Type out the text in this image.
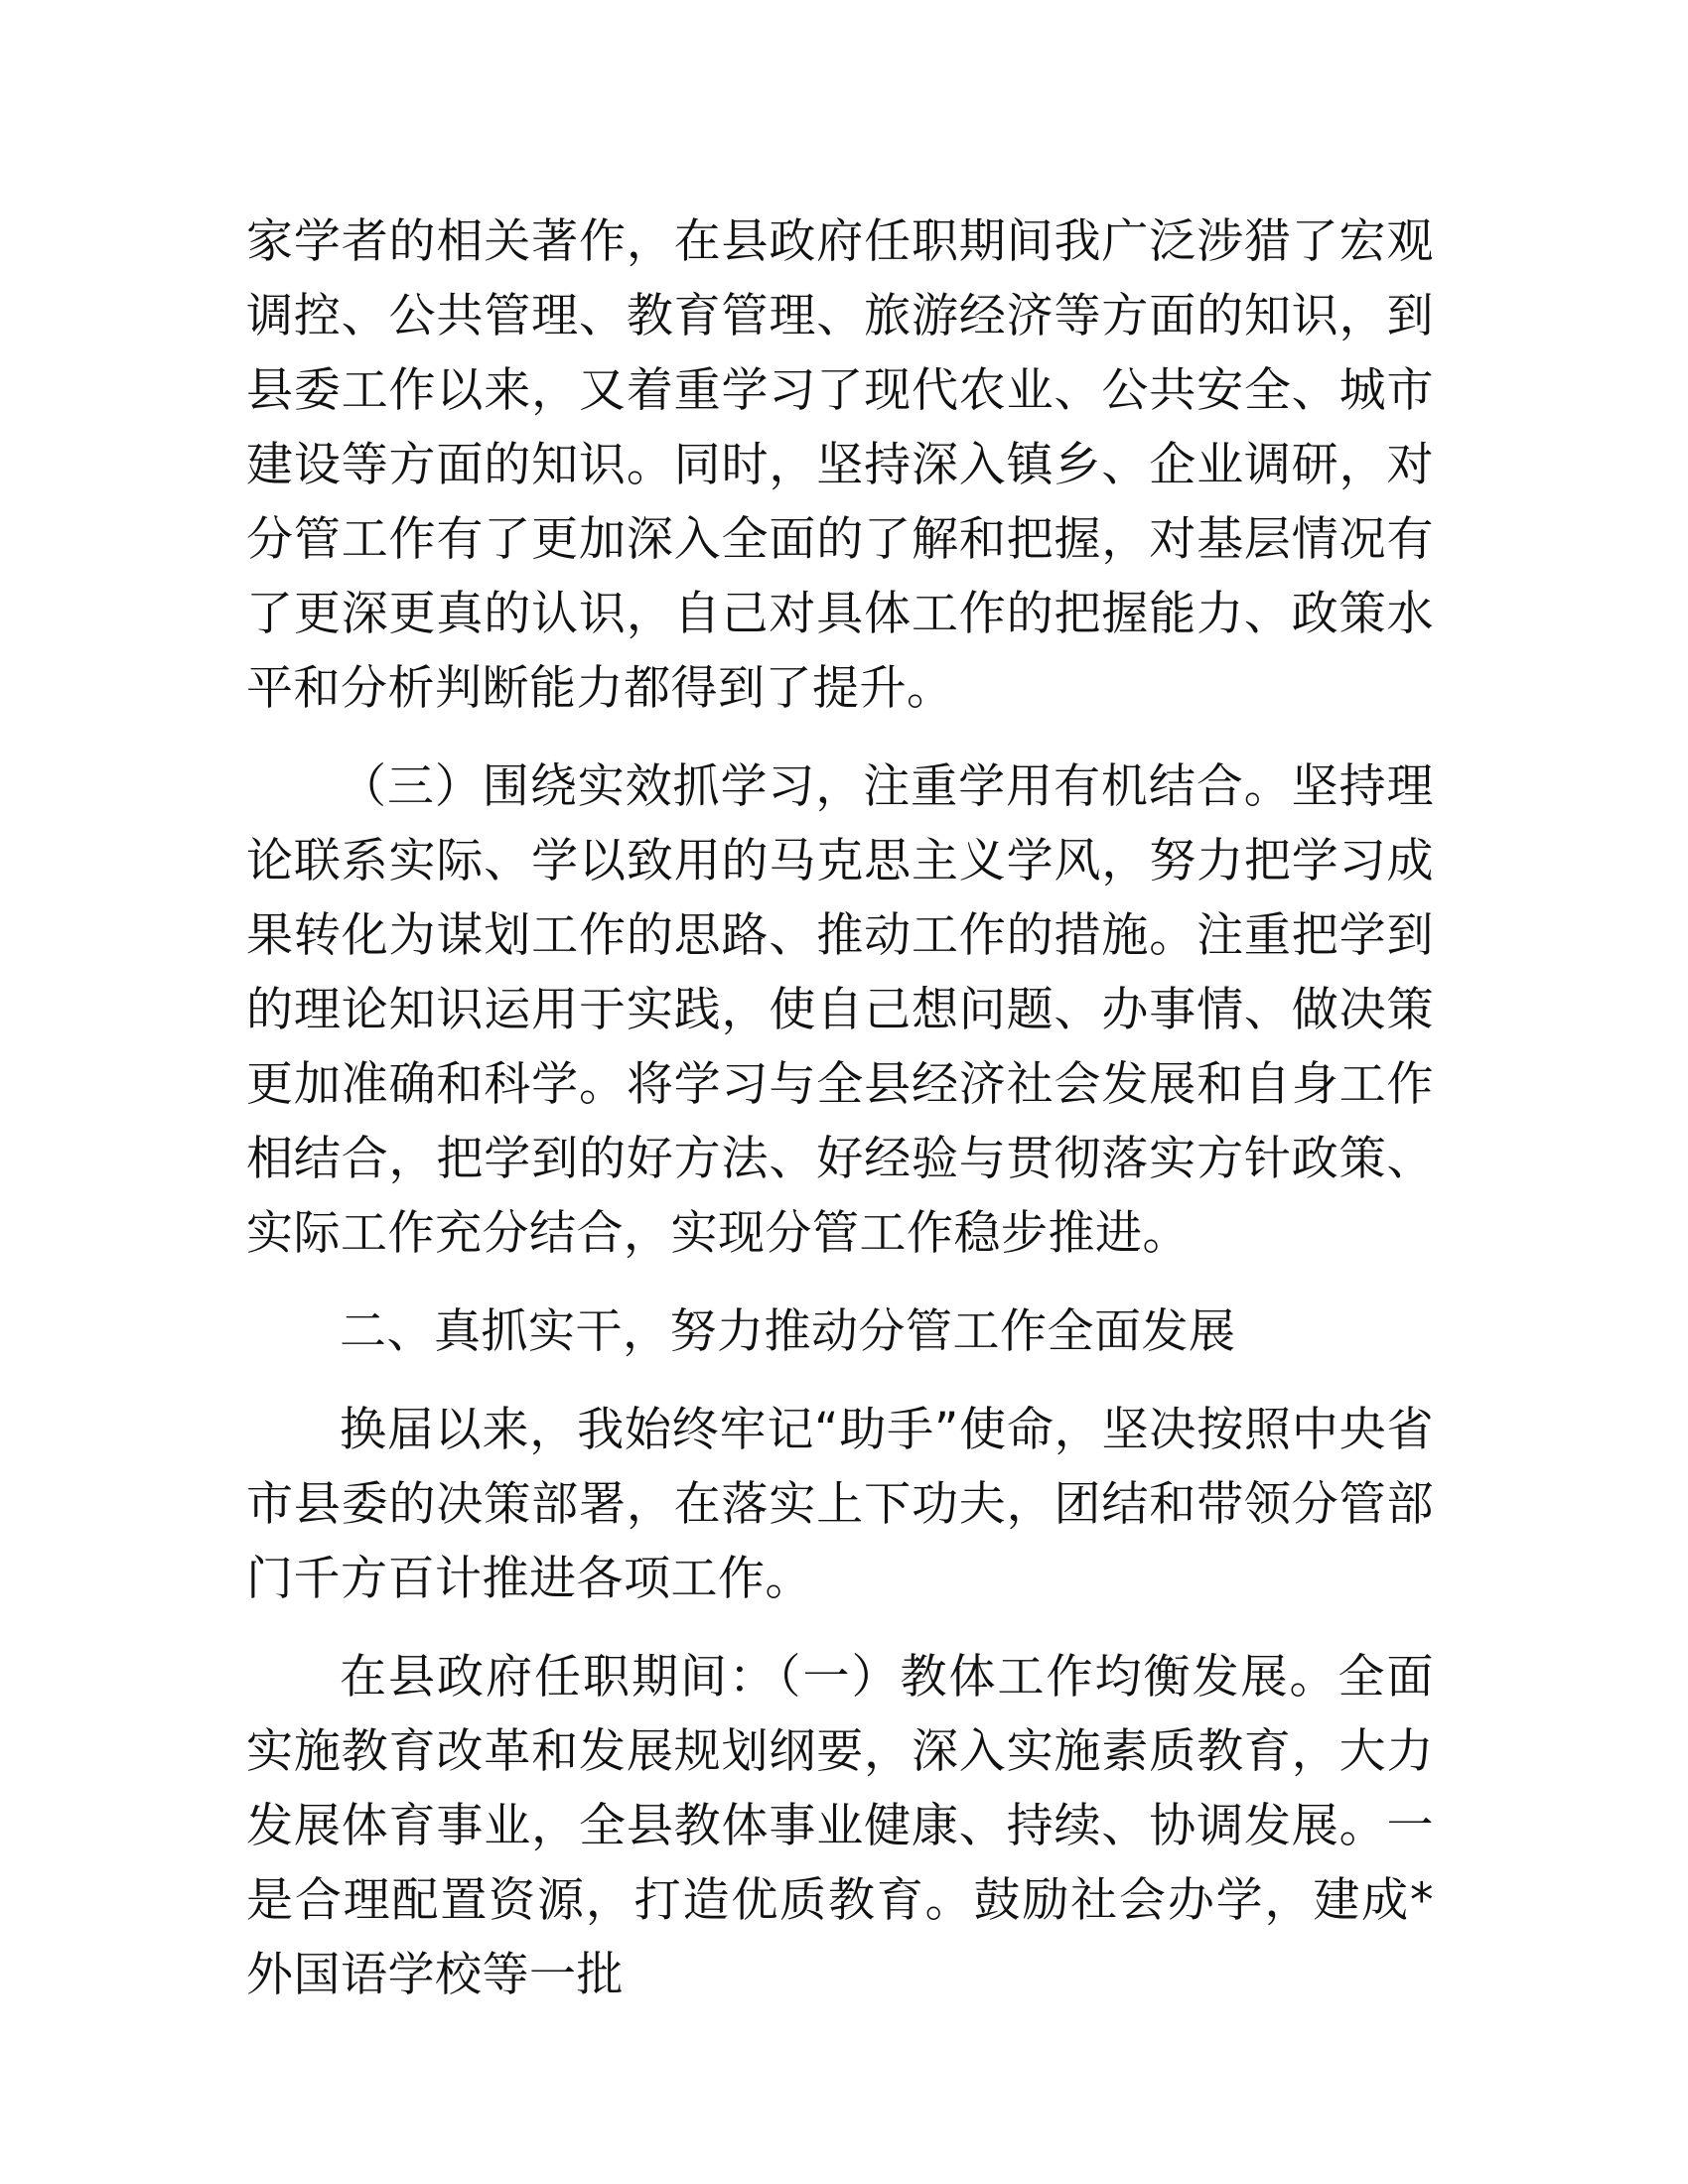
家学者的相关著作，在县政府任职期间我广泛涉猎了宏观调控、公共管理、教育管理、旅游经济等方面的知识，到县委工作以来，又着重学习了现代农业、公共安全、城市建设等方面的知识。同时，坚持深入镇乡、企业调研，对分管工作有了更加深入全面的了解和把握，对基层情况有了更深更真的认识，自己对具体工作的把握能力、政策水平和分析判断能力都得到了提升。

（三）围绕实效抓学习，注重学用有机结合。坚持理论联系实际、学以致用的马克思主义学风，努力把学习成果转化为谋划工作的思路、推动工作的措施。注重把学到的理论知识运用于实践，使自己想问题、办事情、做决策更加准确和科学。将学习与全县经济社会发展和自身工作相结合，把学到的好方法、好经验与贯彻落实方针政策、实际工作充分结合，实现分管工作稳步推进。

二、真抓实干，努力推动分管工作全面发展

换届以来，我始终牢记“助手”使命，坚决按照中央省市县委的决策部署，在落实上下功夫，团结和带领分管部门千方百计推进各项工作。

在县政府任职期间：（一）教体工作均衡发展。全面实施教育改革和发展规划纲要，深入实施素质教育，大力发展体育事业，全县教体事业健康、持续、协调发展。一是合理配置资源，打造优质教育。鼓励社会办学，建成*外国语学校等一批
